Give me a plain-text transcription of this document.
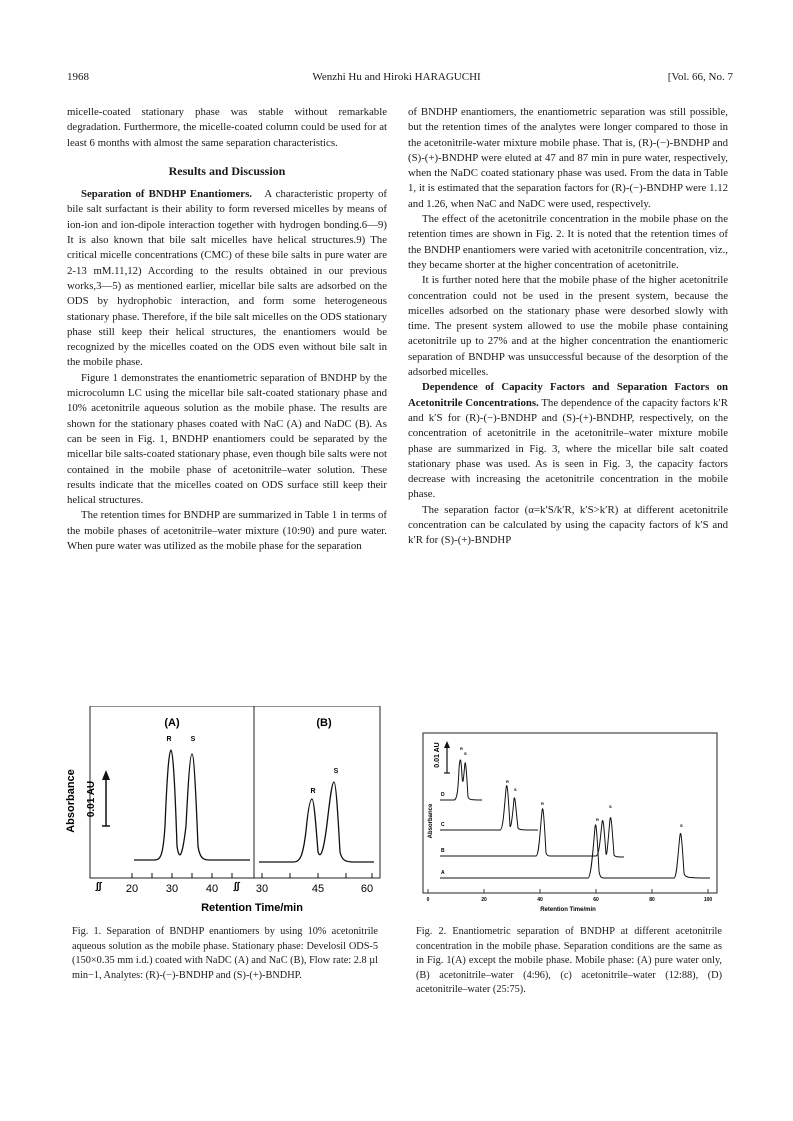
1968	Wenzhi Hu and Hiroki HARAGUCHI	[Vol. 66, No. 7

micelle-coated stationary phase was stable without remarkable degradation. Furthermore, the micelle-coated column could be used for at least 6 months with almost the same separation characteristics.

Results and Discussion

Separation of BNDHP Enantiomers. A characteristic property of bile salt surfactant is their ability to form reversed micelles by means of ion-ion and ion-dipole interaction together with hydrogen bonding.6—9) It is also known that bile salt micelles have helical structures.9) The critical micelle concentrations (CMC) of these bile salts in pure water are 2-13 mM.11,12) According to the results obtained in our previous works,3—5) as mentioned earlier, micellar bile salts are adsorbed on the ODS by hydrophobic interaction, and form some heterogeneous stationary phase. Therefore, if the bile salt micelles on the ODS stationary phase still keep their helical structures, the enantiomers would be recognized by the micelles coated on the ODS even without bile salt in the mobile phase.

Figure 1 demonstrates the enantiometric separation of BNDHP by the microcolumn LC using the micellar bile salt-coated stationary phase and 10% acetonitrile aqueous solution as the mobile phase. The results are shown for the stationary phases coated with NaC (A) and NaDC (B). As can be seen in Fig. 1, BNDHP enantiomers could be separated by the micellar bile salts-coated stationary phase, even though bile salts were not contained in the mobile phase of acetonitrile–water solution. These results indicate that the micelles coated on ODS surface still keep their helical structures.

The retention times for BNDHP are summarized in Table 1 in terms of the mobile phases of acetonitrile–water mixture (10:90) and pure water. When pure water was utilized as the mobile phase for the separation

of BNDHP enantiomers, the enantiometric separation was still possible, but the retention times of the analytes were longer compared to those in the acetonitrile-water mixture mobile phase. That is, (R)-(−)-BNDHP and (S)-(+)-BNDHP were eluted at 47 and 87 min in pure water, respectively, when the NaDC coated stationary phase was used. From the data in Table 1, it is estimated that the separation factors for (R)-(−)-BNDHP were 1.12 and 1.26, when NaC and NaDC were used, respectively.

The effect of the acetonitrile concentration in the mobile phase on the retention times are shown in Fig. 2. It is noted that the retention times of the BNDHP enantiomers were varied with acetonitrile concentration, viz., they became shorter at the higher concentration of acetonitrile.

It is further noted here that the mobile phase of the higher acetonitrile concentration could not be used in the present system, because the micelles adsorbed on the stationary phase were desorbed slowly with time. The present system allowed to use the mobile phase containing acetonitrile up to 27% and at the higher concentration the enantiomeric separation of BNDHP was unsuccessful because of the desorption of the adsorbed micelles.

Dependence of Capacity Factors and Separation Factors on Acetonitrile Concentrations. The dependence of the capacity factors k′R and k′S for (R)-(−)-BNDHP and (S)-(+)-BNDHP, respectively, on the concentration of acetonitrile in the acetonitrile–water mixture mobile phase are summarized in Fig. 3, where the micellar bile salt coated stationary phase was used. As is seen in Fig. 3, the capacity factors decrease with increasing the acetonitrile concentration in the mobile phase.

The separation factor (α=k′S/k′R, k′S>k′R) at different acetonitrile concentration can be calculated by using the capacity factors of k′S and k′R for (S)-(+)-BNDHP

(A)	(B)
R	S
R
S
Absorbance 0.01 AU
∫∫	∫∫
20	30	40	30	45	60
Retention Time/min
Fig. 1. Separation of BNDHP enantiomers by using 10% acetonitrile aqueous solution as the mobile phase. Stationary phase: Develosil ODS-5 (150×0.35 mm i.d.) coated with NaDC (A) and NaC (B), Flow rate: 2.8 µl min−1, Analytes: (R)-(−)-BNDHP and (S)-(+)-BNDHP.
Absorbance
0.01 AU
D
C
B
A
R
S
R
S
R
R
S
S
0	20	40	60	80	100
Retention Time/min
Fig. 2. Enantiometric separation of BNDHP at different acetonitrile concentration in the mobile phase. Separation conditions are the same as in Fig. 1(A) except the mobile phase. Mobile phase: (A) pure water only, (B) acetonitrile–water (4:96), (c) acetonitrile–water (12:88), (D) acetonitrile–water (25:75).
